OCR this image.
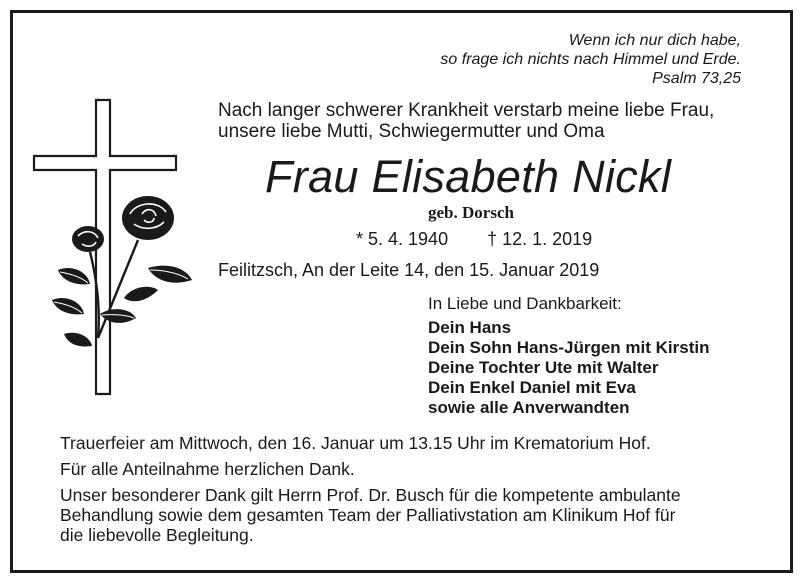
Wenn ich nur dich habe,
so frage ich nichts nach Himmel und Erde.
Psalm 73,25
Nach langer schwerer Krankheit verstarb meine liebe Frau,
unsere liebe Mutti, Schwiegermutter und Oma
Frau Elisabeth Nickl
geb. Dorsch
* 5. 4. 1940 † 12. 1. 2019
Feilitzsch, An der Leite 14, den 15. Januar 2019
In Liebe und Dankbarkeit:
Dein Hans
Dein Sohn Hans-Jürgen mit Kirstin
Deine Tochter Ute mit Walter
Dein Enkel Daniel mit Eva
sowie alle Anverwandten
Trauerfeier am Mittwoch, den 16. Januar um 13.15 Uhr im Krematorium Hof.
Für alle Anteilnahme herzlichen Dank.
Unser besonderer Dank gilt Herrn Prof. Dr. Busch für die kompetente ambulante
Behandlung sowie dem gesamten Team der Palliativstation am Klinikum Hof für
die liebevolle Begleitung.
